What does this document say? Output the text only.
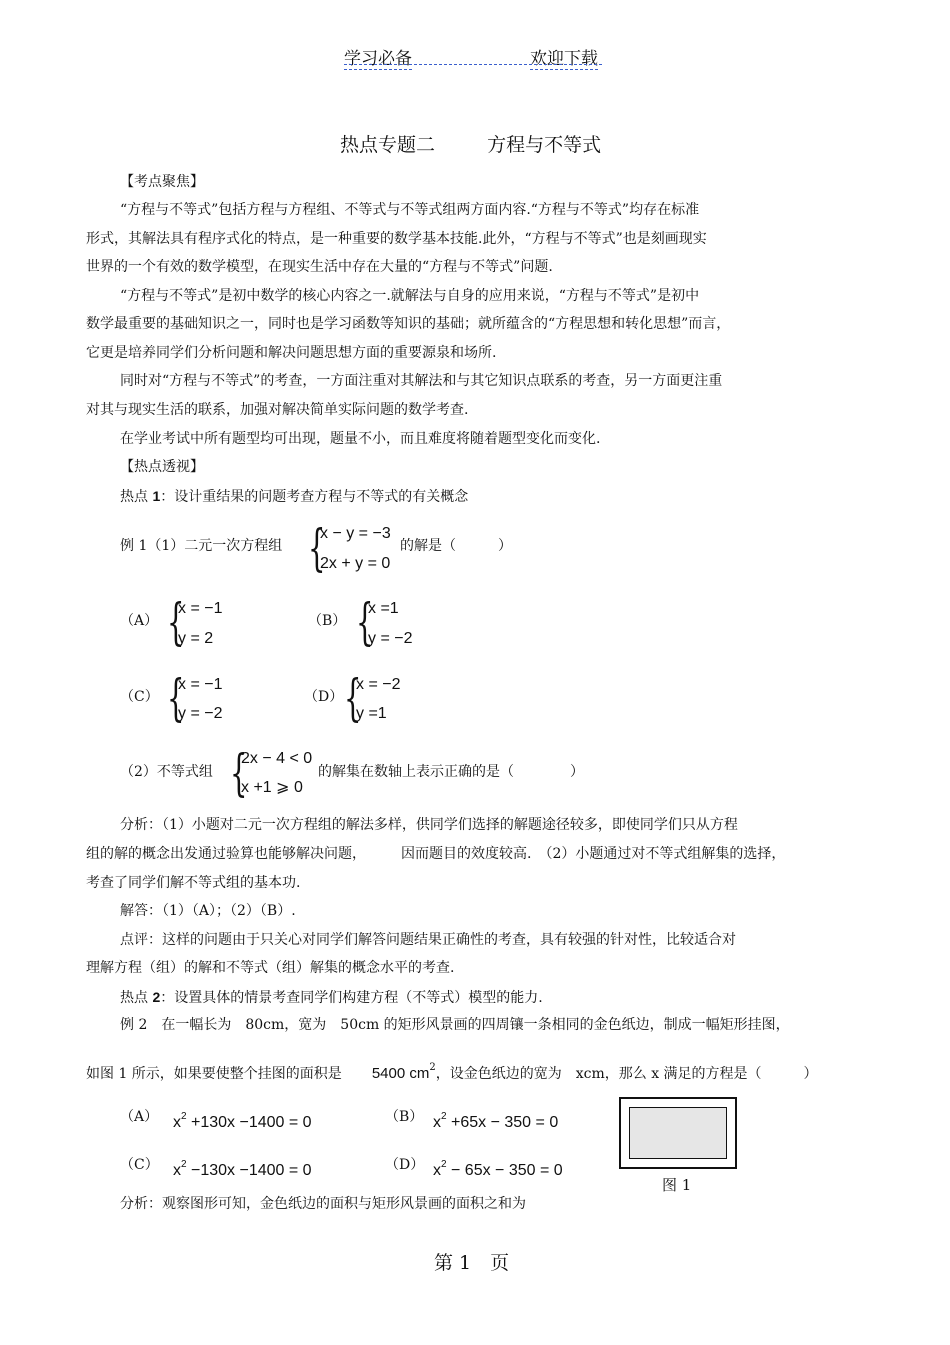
学习必备	欢迎下载
热点专题二	方程与不等式
【考点聚焦】
“方程与不等式”包括方程与方程组、不等式与不等式组两方面内容.“方程与不等式”均存在标准
形式，其解法具有程序式化的特点，是一种重要的数学基本技能.此外，“方程与不等式”也是刻画现实
世界的一个有效的数学模型，在现实生活中存在大量的“方程与不等式”问题.
“方程与不等式”是初中数学的核心内容之一.就解法与自身的应用来说，“方程与不等式”是初中
数学最重要的基础知识之一，同时也是学习函数等知识的基础；就所蕴含的“方程思想和转化思想”而言，
它更是培养同学们分析问题和解决问题思想方面的重要源泉和场所.
同时对“方程与不等式”的考查，一方面注重对其解法和与其它知识点联系的考查，另一方面更注重
对其与现实生活的联系，加强对解决简单实际问题的数学考查.
在学业考试中所有题型均可出现，题量不小，而且难度将随着题型变化而变化.
【热点透视】
热点 1：设计重结果的问题考查方程与不等式的有关概念
例 1（1）二元一次方程组 {
x − y = −3
2x + y = 0
的解是（　　　）
（A） {
x = −1
y = 2
（B） {
x =1
y = −2
（C） {
x = −1
y = −2
（D） {
x = −2
y =1
（2）不等式组 {
2x − 4 < 0
x +1 ⩾ 0
的解集在数轴上表示正确的是（　　　　）
分析：（1）小题对二元一次方程组的解法多样，供同学们选择的解题途径较多，即使同学们只从方程
组的解的概念出发通过验算也能够解决问题，　　　因而题目的效度较高.　（2）小题通过对不等式组解集的选择，
考查了同学们解不等式组的基本功.
解答：（1）（A）；（2）（B）.
点评：这样的问题由于只关心对同学们解答问题结果正确性的考查，具有较强的针对性，比较适合对
理解方程（组）的解和不等式（组）解集的概念水平的考查.
热点 2：设置具体的情景考查同学们构建方程（不等式）模型的能力.
例 2　在一幅长为　80cm，宽为　50cm 的矩形风景画的四周镶一条相同的金色纸边，制成一幅矩形挂图，
如图 1 所示，如果要使整个挂图的面积是 5400 $cm^2$，设金色纸边的宽为　xcm，那么 x 满足的方程是（　　　）
（A） $x^2 +130x -1400 = 0$	（B） $x^2 +65x - 350 = 0$
（C） $x^2 -130x -1400 = 0$	（D） $x^2 - 65x - 350 = 0$
图 1
分析：观察图形可知，金色纸边的面积与矩形风景画的面积之和为
第 1　页
